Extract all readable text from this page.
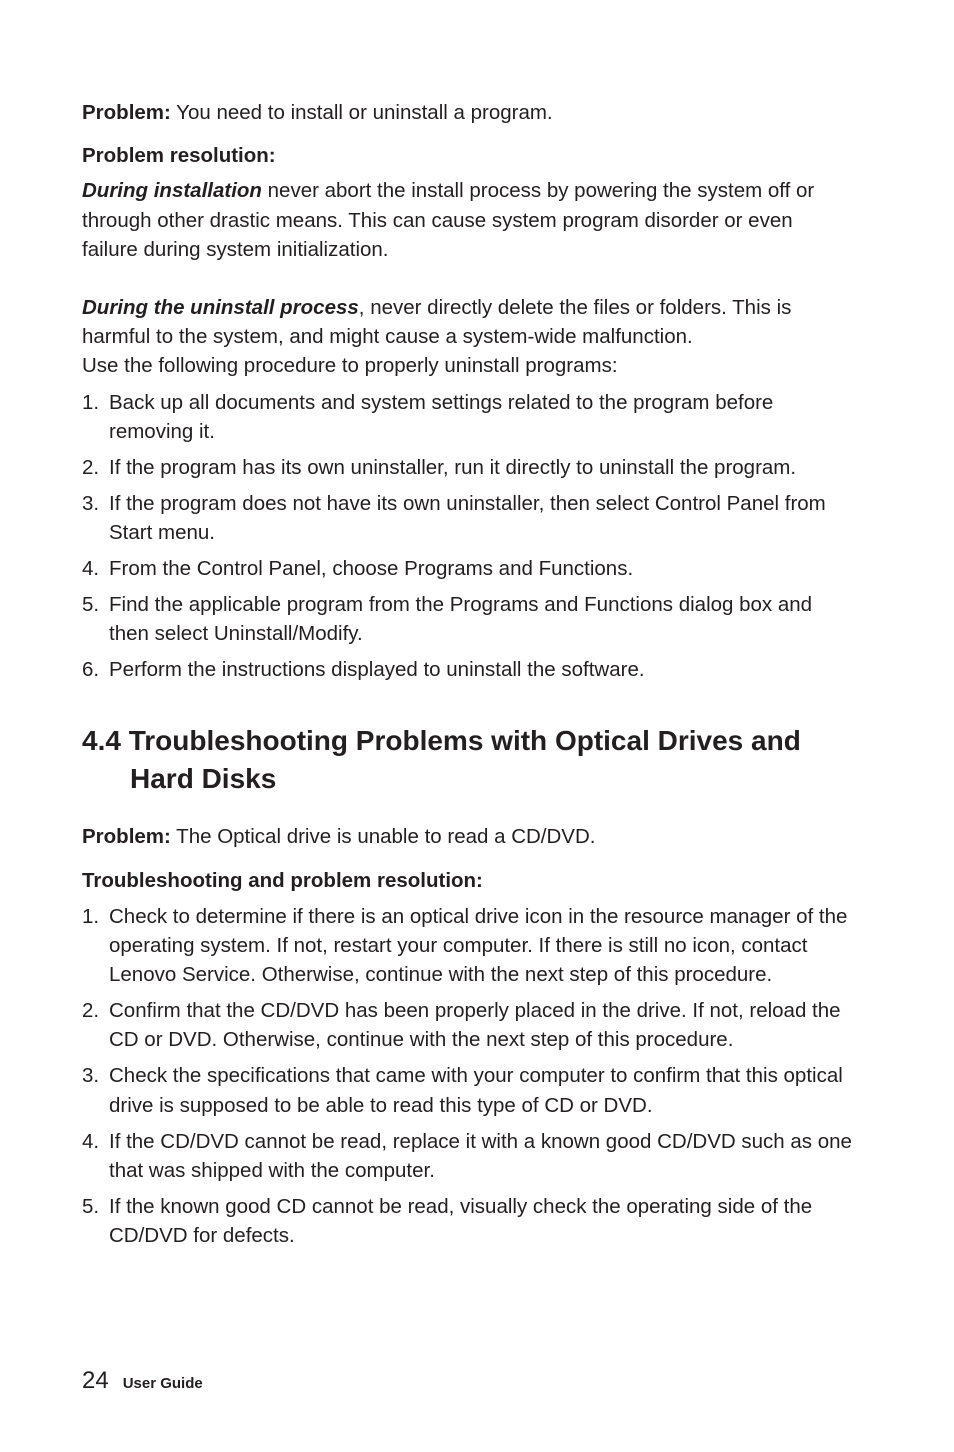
Problem: You need to install or uninstall a program.

Problem resolution:

During installation never abort the install process by powering the system off or through other drastic means. This can cause system program disorder or even failure during system initialization.

During the uninstall process, never directly delete the files or folders. This is harmful to the system, and might cause a system-wide malfunction.

Use the following procedure to properly uninstall programs:

1. Back up all documents and system settings related to the program before removing it.
2. If the program has its own uninstaller, run it directly to uninstall the program.
3. If the program does not have its own uninstaller, then select Control Panel from Start menu.
4. From the Control Panel, choose Programs and Functions.
5. Find the applicable program from the Programs and Functions dialog box and then select Uninstall/Modify.
6. Perform the instructions displayed to uninstall the software.
4.4 Troubleshooting Problems with Optical Drives and Hard Disks

Problem: The Optical drive is unable to read a CD/DVD.

Troubleshooting and problem resolution:

1. Check to determine if there is an optical drive icon in the resource manager of the operating system. If not, restart your computer. If there is still no icon, contact Lenovo Service. Otherwise, continue with the next step of this procedure.
2. Confirm that the CD/DVD has been properly placed in the drive. If not, reload the CD or DVD. Otherwise, continue with the next step of this procedure.
3. Check the specifications that came with your computer to confirm that this optical drive is supposed to be able to read this type of CD or DVD.
4. If the CD/DVD cannot be read, replace it with a known good CD/DVD such as one that was shipped with the computer.
5. If the known good CD cannot be read, visually check the operating side of the CD/DVD for defects.
24 User Guide
